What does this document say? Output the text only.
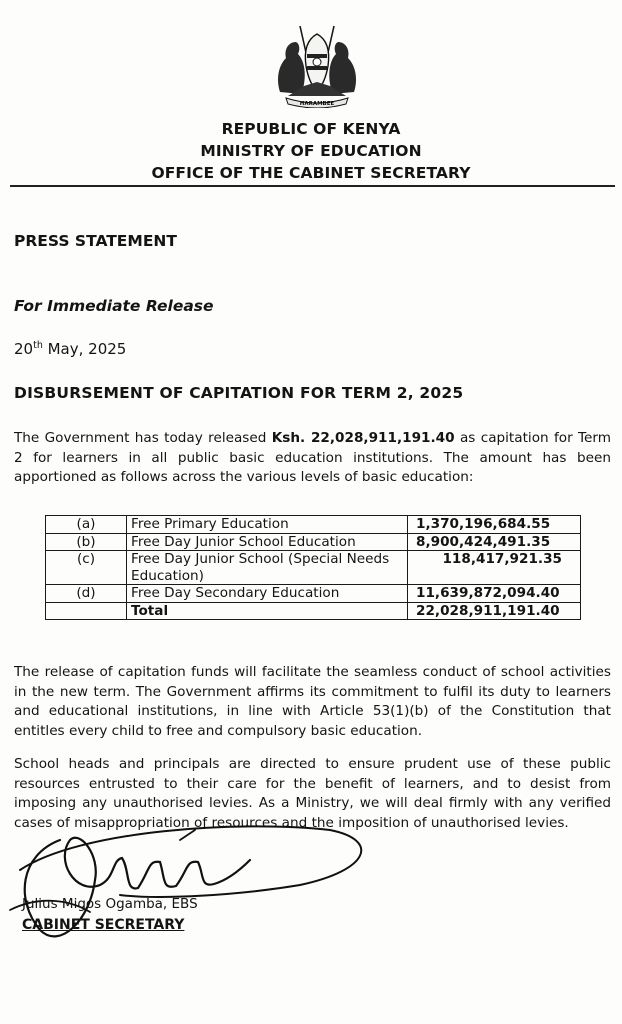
HARAMBEE
REPUBLIC OF KENYA
MINISTRY OF EDUCATION
OFFICE OF THE CABINET SECRETARY
PRESS STATEMENT
For Immediate Release
20th May, 2025
DISBURSEMENT OF CAPITATION FOR TERM 2, 2025

The Government has today released Ksh. 22,028,911,191.40 as capitation for Term 2 for learners in all public basic education institutions. The amount has been apportioned as follows across the various levels of basic education:

(a)	Free Primary Education	1,370,196,684.55
(b)	Free Day Junior School Education	8,900,424,491.35
(c)	Free Day Junior School (Special Needs Education)	118,417,921.35
(d)	Free Day Secondary Education	11,639,872,094.40
	Total	22,028,911,191.40

The release of capitation funds will facilitate the seamless conduct of school activities in the new term. The Government affirms its commitment to fulfil its duty to learners and educational institutions, in line with Article 53(1)(b) of the Constitution that entitles every child to free and compulsory basic education.

School heads and principals are directed to ensure prudent use of these public resources entrusted to their care for the benefit of learners, and to desist from imposing any unauthorised levies. As a Ministry, we will deal firmly with any verified cases of misappropriation of resources and the imposition of unauthorised levies.

Julius Migos Ogamba, EBS
CABINET SECRETARY
